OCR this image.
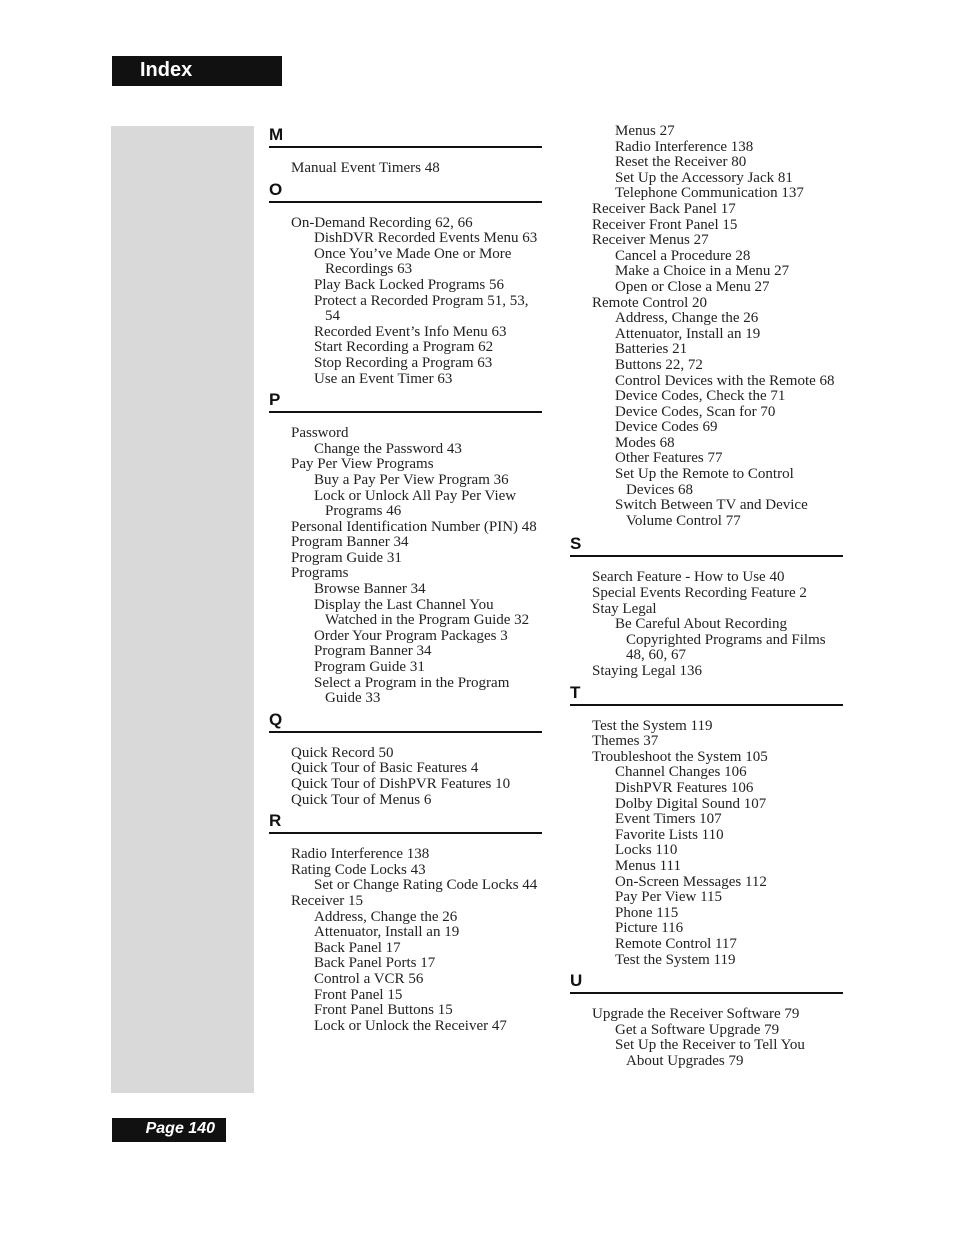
Index
M
Manual Event Timers 48
O
On-Demand Recording 62, 66
DishDVR Recorded Events Menu 63
Once You’ve Made One or More Recordings 63
Play Back Locked Programs 56
Protect a Recorded Program 51, 53, 54
Recorded Event’s Info Menu 63
Start Recording a Program 62
Stop Recording a Program 63
Use an Event Timer 63
P
Password
Change the Password 43
Pay Per View Programs
Buy a Pay Per View Program 36
Lock or Unlock All Pay Per View Programs 46
Personal Identification Number (PIN) 48
Program Banner 34
Program Guide 31
Programs
Browse Banner 34
Display the Last Channel You Watched in the Program Guide 32
Order Your Program Packages 3
Program Banner 34
Program Guide 31
Select a Program in the Program Guide 33
Q
Quick Record 50
Quick Tour of Basic Features 4
Quick Tour of DishPVR Features 10
Quick Tour of Menus 6
R
Radio Interference 138
Rating Code Locks 43
Set or Change Rating Code Locks 44
Receiver 15
Address, Change the 26
Attenuator, Install an 19
Back Panel 17
Back Panel Ports 17
Control a VCR 56
Front Panel 15
Front Panel Buttons 15
Lock or Unlock the Receiver 47
Menus 27
Radio Interference 138
Reset the Receiver 80
Set Up the Accessory Jack 81
Telephone Communication 137
Receiver Back Panel 17
Receiver Front Panel 15
Receiver Menus 27
Cancel a Procedure 28
Make a Choice in a Menu 27
Open or Close a Menu 27
Remote Control 20
Address, Change the 26
Attenuator, Install an 19
Batteries 21
Buttons 22, 72
Control Devices with the Remote 68
Device Codes, Check the 71
Device Codes, Scan for 70
Device Codes 69
Modes 68
Other Features 77
Set Up the Remote to Control Devices 68
Switch Between TV and Device Volume Control 77
S
Search Feature - How to Use 40
Special Events Recording Feature 2
Stay Legal
Be Careful About Recording Copyrighted Programs and Films 48, 60, 67
Staying Legal 136
T
Test the System 119
Themes 37
Troubleshoot the System 105
Channel Changes 106
DishPVR Features 106
Dolby Digital Sound 107
Event Timers 107
Favorite Lists 110
Locks 110
Menus 111
On-Screen Messages 112
Pay Per View 115
Phone 115
Picture 116
Remote Control 117
Test the System 119
U
Upgrade the Receiver Software 79
Get a Software Upgrade 79
Set Up the Receiver to Tell You About Upgrades 79
Page 140
